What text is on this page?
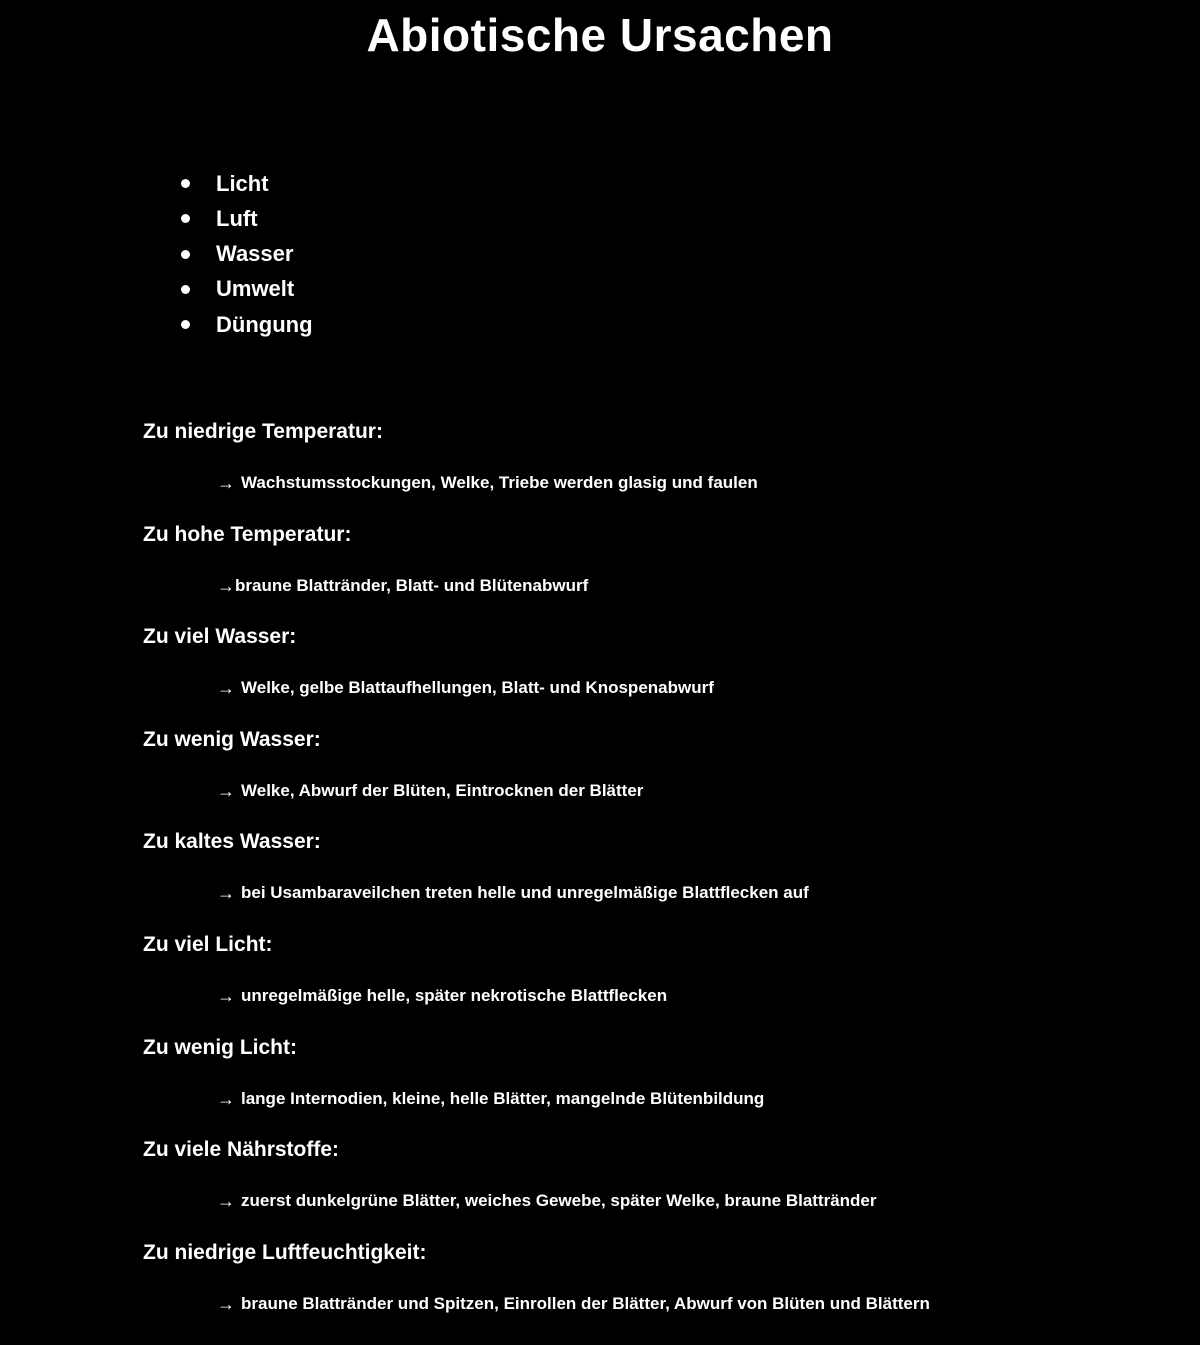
Abiotische Ursachen
Licht
Luft
Wasser
Umwelt
Düngung
Zu niedrige Temperatur:
→ Wachstumsstockungen, Welke, Triebe werden glasig und faulen
Zu hohe Temperatur:
→ braune Blattränder, Blatt- und Blütenabwurf
Zu viel Wasser:
→ Welke, gelbe Blattaufhellungen, Blatt- und Knospenabwurf
Zu wenig Wasser:
→ Welke, Abwurf der Blüten, Eintrocknen der Blätter
Zu kaltes Wasser:
→ bei Usambaraveilchen treten helle und unregelmäßige Blattflecken auf
Zu viel Licht:
→ unregelmäßige helle, später nekrotische Blattflecken
Zu wenig Licht:
→ lange Internodien, kleine, helle Blätter, mangelnde Blütenbildung
Zu viele Nährstoffe:
→ zuerst dunkelgrüne Blätter, weiches Gewebe, später Welke, braune Blattränder
Zu niedrige Luftfeuchtigkeit:
→ braune Blattränder und Spitzen, Einrollen der Blätter, Abwurf von Blüten und Blättern
